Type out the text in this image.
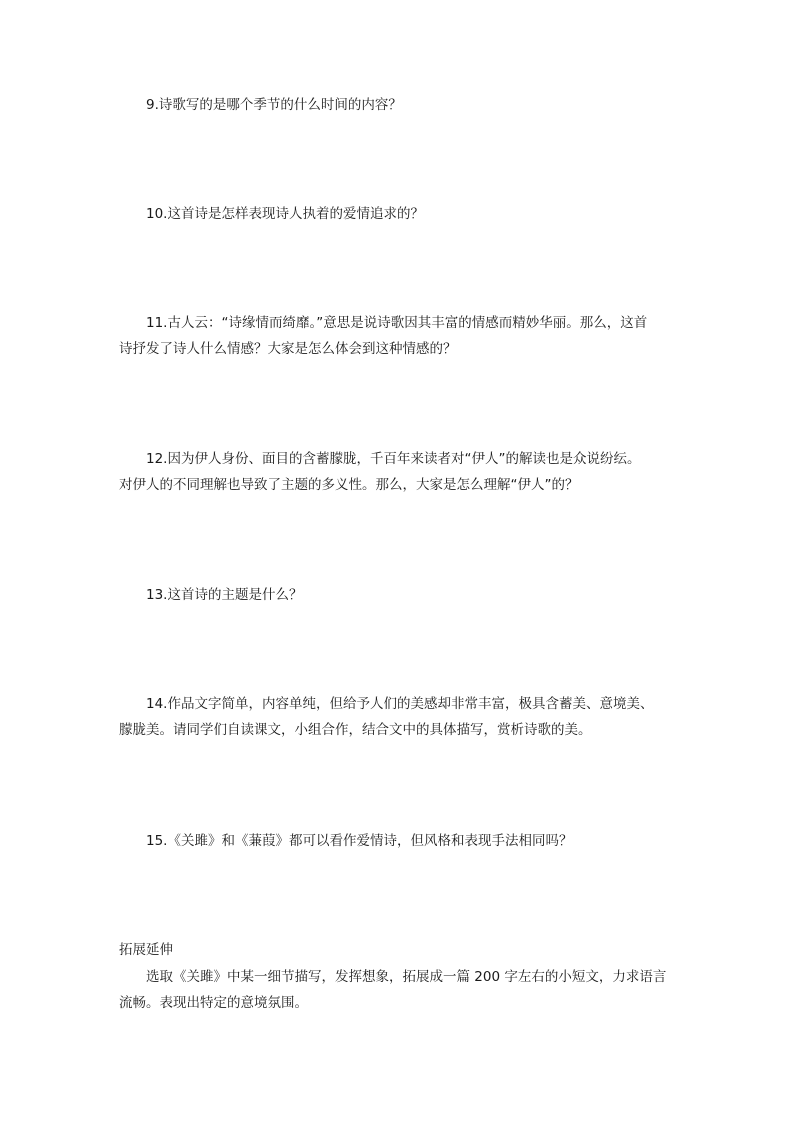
9.诗歌写的是哪个季节的什么时间的内容？
10.这首诗是怎样表现诗人执着的爱情追求的？
11.古人云：“诗缘情而绮靡。”意思是说诗歌因其丰富的情感而精妙华丽。那么，这首
诗抒发了诗人什么情感？大家是怎么体会到这种情感的？
12.因为伊人身份、面目的含蓄朦胧，千百年来读者对“伊人”的解读也是众说纷纭。
对伊人的不同理解也导致了主题的多义性。那么，大家是怎么理解“伊人”的？
13.这首诗的主题是什么？
14.作品文字简单，内容单纯，但给予人们的美感却非常丰富，极具含蓄美、意境美、
朦胧美。请同学们自读课文，小组合作，结合文中的具体描写，赏析诗歌的美。
15.《关雎》和《蒹葭》都可以看作爱情诗，但风格和表现手法相同吗？
拓展延伸
选取《关雎》中某一细节描写，发挥想象，拓展成一篇 200 字左右的小短文，力求语言
流畅。表现出特定的意境氛围。
